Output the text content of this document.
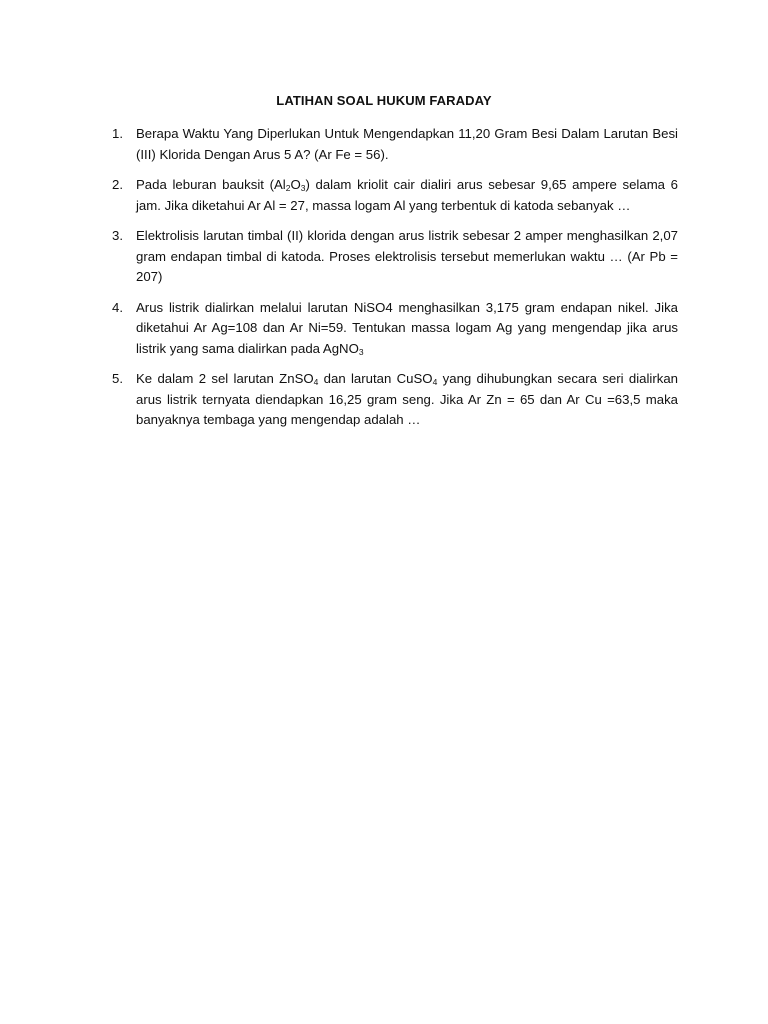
LATIHAN SOAL HUKUM FARADAY
1. Berapa Waktu Yang Diperlukan Untuk Mengendapkan 11,20 Gram Besi Dalam Larutan Besi (III) Klorida Dengan Arus 5 A? (Ar Fe = 56).
2. Pada leburan bauksit $(Al_2O_3)$ dalam kriolit cair dialiri arus sebesar 9,65 ampere selama 6 jam. Jika diketahui Ar Al = 27, massa logam Al yang terbentuk di katoda sebanyak …
3. Elektrolisis larutan timbal (II) klorida dengan arus listrik sebesar 2 amper menghasilkan 2,07 gram endapan timbal di katoda. Proses elektrolisis tersebut memerlukan waktu … (Ar Pb = 207)
4. Arus listrik dialirkan melalui larutan NiSO4 menghasilkan 3,175 gram endapan nikel. Jika diketahui Ar Ag=108 dan Ar Ni=59. Tentukan massa logam Ag yang mengendap jika arus listrik yang sama dialirkan pada AgNO$_3$
5. Ke dalam 2 sel larutan ZnSO$_4$ dan larutan CuSO$_4$ yang dihubungkan secara seri dialirkan arus listrik ternyata diendapkan 16,25 gram seng. Jika Ar Zn = 65 dan Ar Cu =63,5 maka banyaknya tembaga yang mengendap adalah …
